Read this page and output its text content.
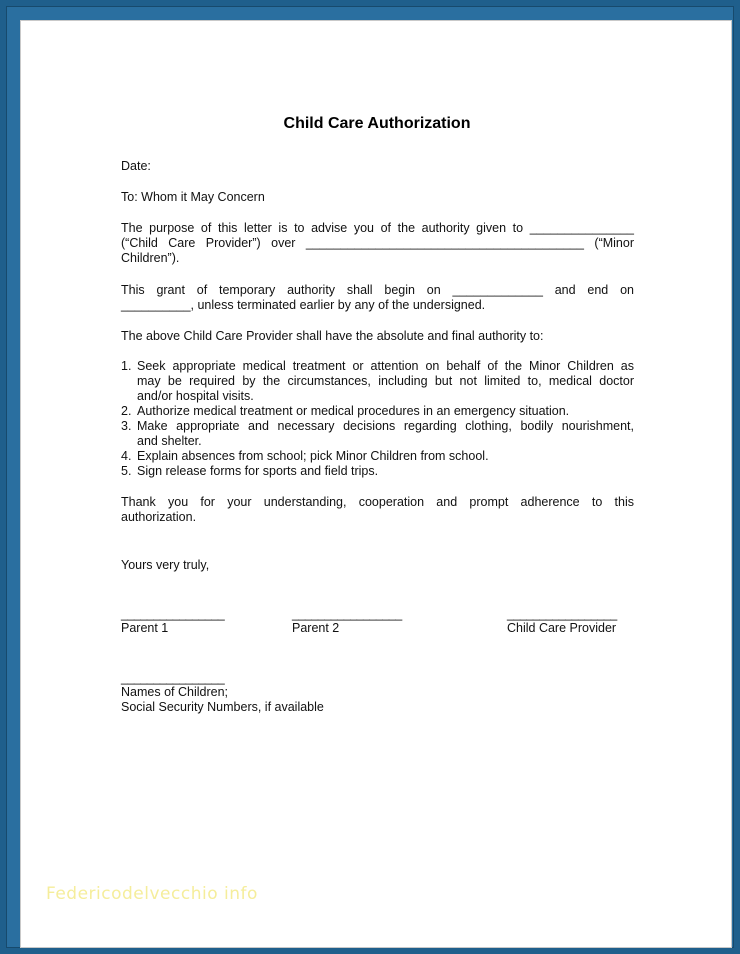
Child Care Authorization
Date:
To: Whom it May Concern
The purpose of this letter is to advise you of the authority given to _______________
(“Child Care Provider”) over ________________________________________ (“Minor
Children”).
This grant of temporary authority shall begin on _____________ and end on
__________, unless terminated earlier by any of the undersigned.
The above Child Care Provider shall have the absolute and final authority to:
1. Seek appropriate medical treatment or attention on behalf of the Minor Children as
may be required by the circumstances, including but not limited to, medical doctor
and/or hospital visits.
2. Authorize medical treatment or medical procedures in an emergency situation.
3. Make appropriate and necessary decisions regarding clothing, bodily nourishment,
and shelter.
4. Explain absences from school; pick Minor Children from school.
5. Sign release forms for sports and field trips.
Thank you for your understanding, cooperation and prompt adherence to this
authorization.
Yours very truly,
________________
Parent 1
_________________
Parent 2
_________________
Child Care Provider
________________
Names of Children;
Social Security Numbers, if available
Federicodelvecchio info
